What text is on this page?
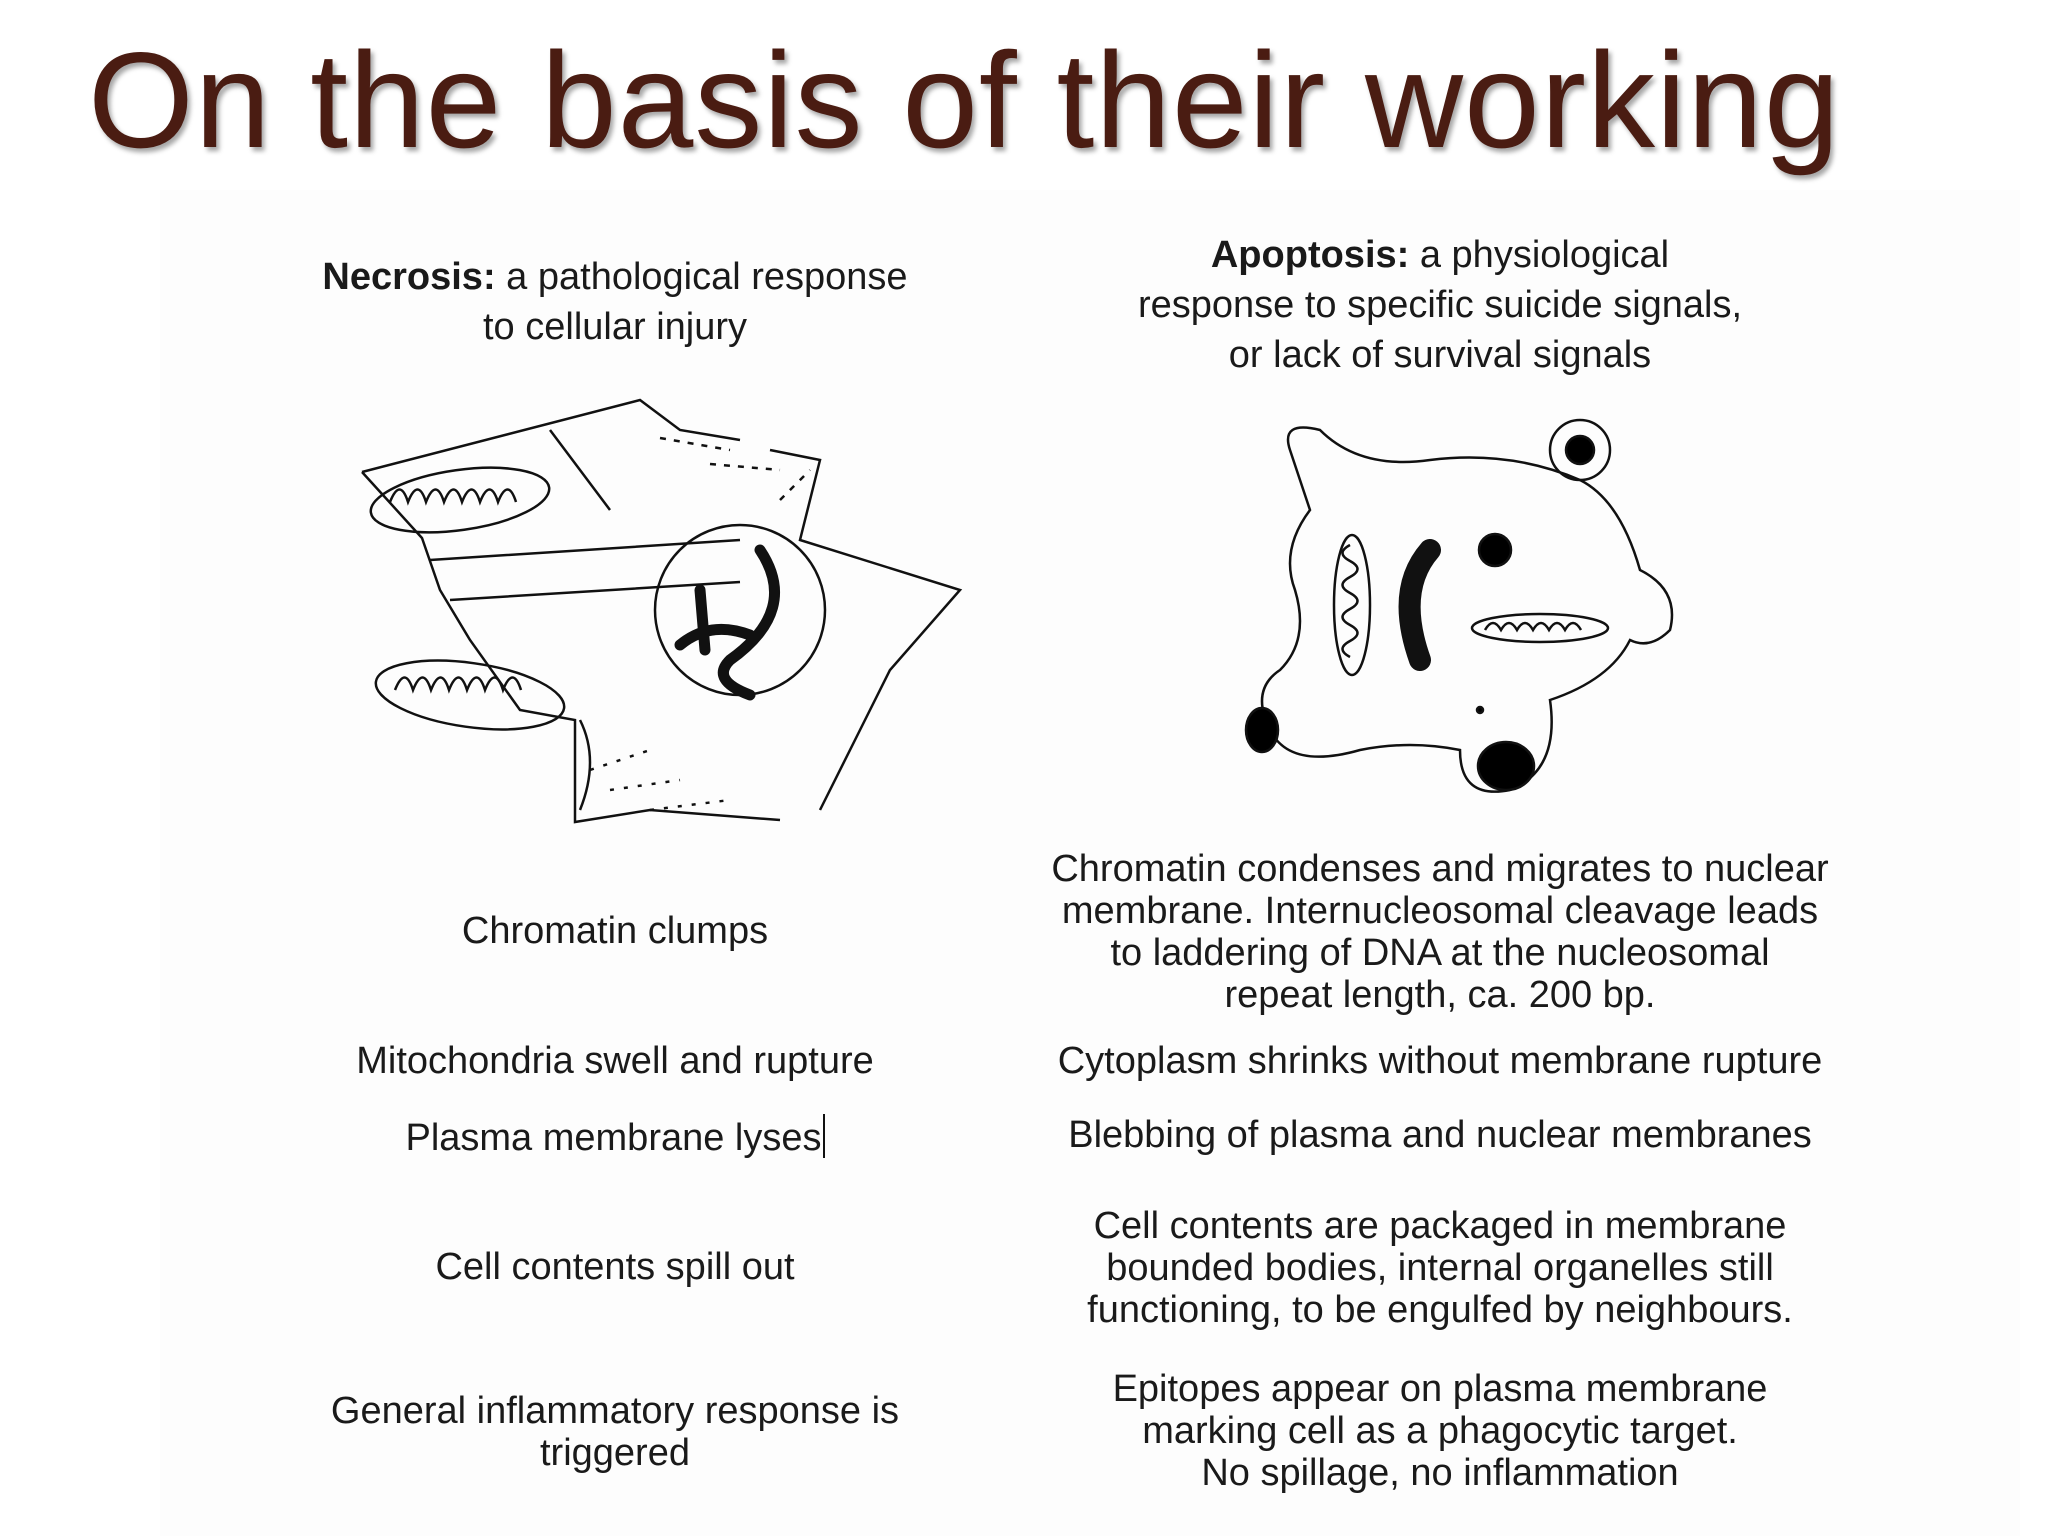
On the basis of their working
Necrosis: a pathological response
to cellular injury
Apoptosis: a physiological
response to specific suicide signals,
or lack of survival signals
Chromatin clumps
Mitochondria swell and rupture
Plasma membrane lyses
Cell contents spill out
General inflammatory response is
triggered
Chromatin condenses and migrates to nuclear
membrane. Internucleosomal cleavage leads
to laddering of DNA at the nucleosomal
repeat length, ca. 200 bp.
Cytoplasm shrinks without membrane rupture
Blebbing of plasma and nuclear membranes
Cell contents are packaged in membrane
bounded bodies, internal organelles still
functioning, to be engulfed by neighbours.
Epitopes appear on plasma membrane
marking cell as a phagocytic target.
No spillage, no inflammation
